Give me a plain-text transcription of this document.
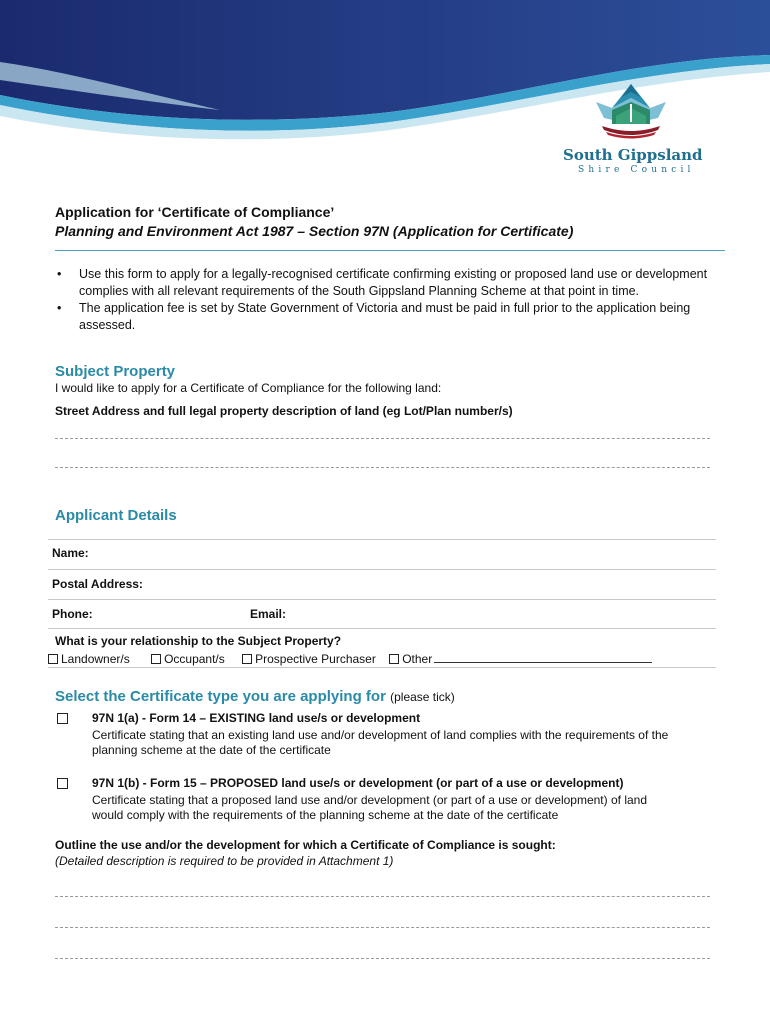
South Gippsland
Shire Council
Application for ‘Certificate of Compliance’
Planning and Environment Act 1987 – Section 97N (Application for Certificate)

• Use this form to apply for a legally-recognised certificate confirming existing or proposed land use or development complies with all relevant requirements of the South Gippsland Planning Scheme at that point in time.

• The application fee is set by State Government of Victoria and must be paid in full prior to the application being assessed.

Subject Property
I would like to apply for a Certificate of Compliance for the following land:
Street Address and full legal property description of land (eg Lot/Plan number/s)
Applicant Details
Name:
Postal Address:
Phone:	Email:
What is your relationship to the Subject Property?
Landowner/s	Occupant/s	Prospective Purchaser Other
Select the Certificate type you are applying for (please tick)
97N 1(a) - Form 14 – EXISTING land use/s or development
Certificate stating that an existing land use and/or development of land complies with the requirements of the
planning scheme at the date of the certificate
97N 1(b) - Form 15 – PROPOSED land use/s or development (or part of a use or development)
Certificate stating that a proposed land use and/or development (or part of a use or development) of land
would comply with the requirements of the planning scheme at the date of the certificate
Outline the use and/or the development for which a Certificate of Compliance is sought:
(Detailed description is required to be provided in Attachment 1)
